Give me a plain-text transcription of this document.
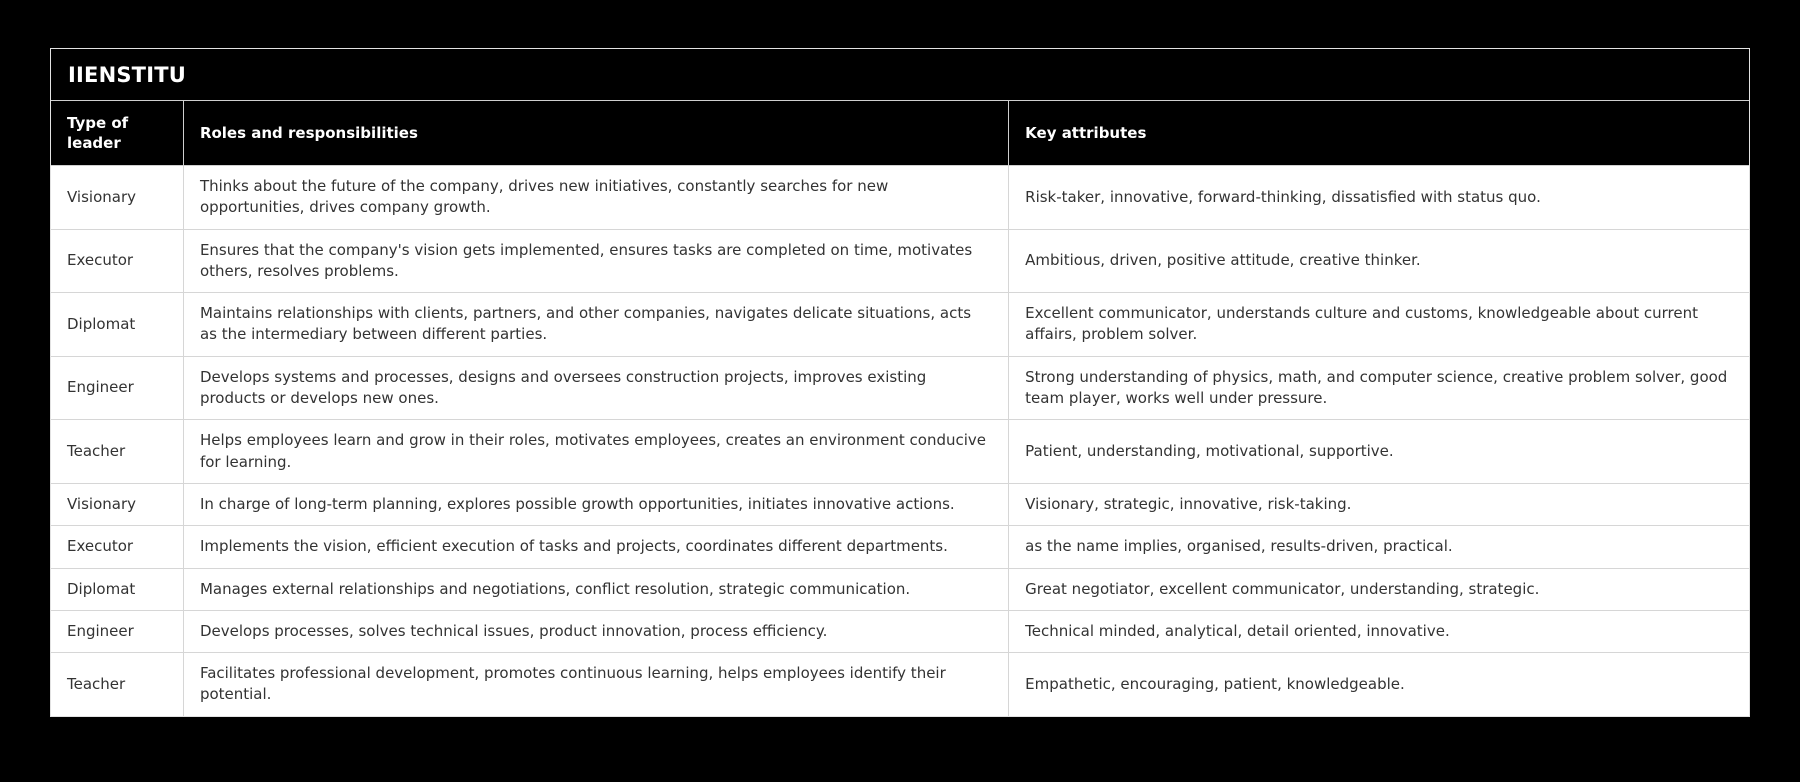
IIENSTITU
Type of leader	Roles and responsibilities	Key attributes
Visionary	Thinks about the future of the company, drives new initiatives, constantly searches for new opportunities, drives company growth.	Risk-taker, innovative, forward-thinking, dissatisfied with status quo.
Executor	Ensures that the company's vision gets implemented, ensures tasks are completed on time, motivates others, resolves problems.	Ambitious, driven, positive attitude, creative thinker.
Diplomat	Maintains relationships with clients, partners, and other companies, navigates delicate situations, acts as the intermediary between different parties.	Excellent communicator, understands culture and customs, knowledgeable about current affairs, problem solver.
Engineer	Develops systems and processes, designs and oversees construction projects, improves existing products or develops new ones.	Strong understanding of physics, math, and computer science, creative problem solver, good team player, works well under pressure.
Teacher	Helps employees learn and grow in their roles, motivates employees, creates an environment conducive for learning.	Patient, understanding, motivational, supportive.
Visionary	In charge of long-term planning, explores possible growth opportunities, initiates innovative actions.	Visionary, strategic, innovative, risk-taking.
Executor	Implements the vision, efficient execution of tasks and projects, coordinates different departments.	as the name implies, organised, results-driven, practical.
Diplomat	Manages external relationships and negotiations, conflict resolution, strategic communication.	Great negotiator, excellent communicator, understanding, strategic.
Engineer	Develops processes, solves technical issues, product innovation, process efficiency.	Technical minded, analytical, detail oriented, innovative.
Teacher	Facilitates professional development, promotes continuous learning, helps employees identify their potential.	Empathetic, encouraging, patient, knowledgeable.
